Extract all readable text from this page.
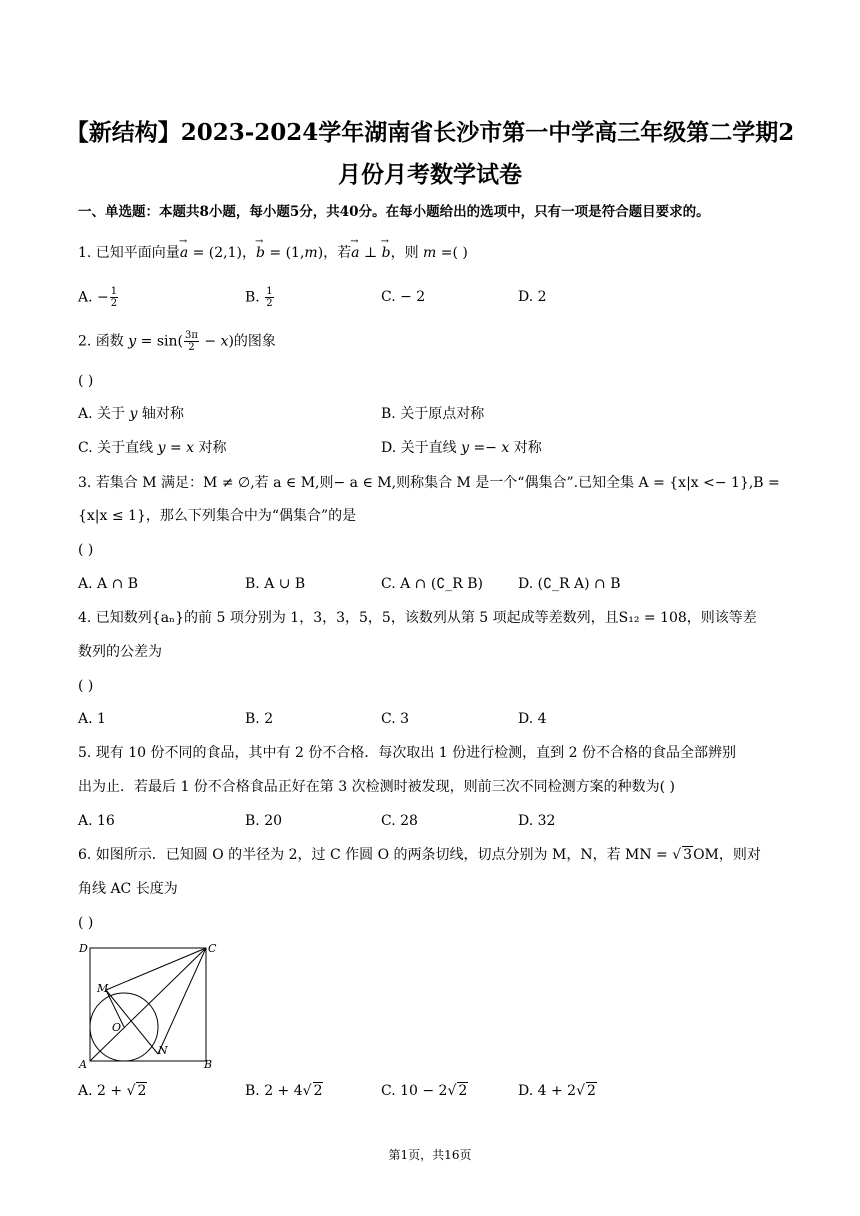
【新结构】2023-2024学年湖南省长沙市第一中学高三年级第二学期2
月份月考数学试卷
一、单选题：本题共8小题，每小题5分，共40分。在每小题给出的选项中，只有一项是符合题目要求的。
1. 已知平面向量→ a = (2,1)，→ b = (1,m)，若→ a ⊥ → b，则 m =( )
A. − $\frac{1}{2}$	B. $\frac{1}{2}$	C. − 2	D. 2
2. 函数 $y = \sin( \frac{3\pi}{2} - x)$的图象
( )
A. 关于 y 轴对称	B. 关于原点对称
C. 关于直线 y = x 对称	D. 关于直线 y =− x 对称
3. 若集合 M 满足：M ≠ ∅,若 a ∈ M,则− a ∈ M,则称集合 M 是一个“偶集合”.已知全集 A = {x|x <− 1},B =
{x|x ≤ 1}，那么下列集合中为“偶集合”的是
( )
A. A ∩ B	B. A ∪ B	C. A ∩ (∁_R B)	D. (∁_R A) ∩ B
4. 已知数列{aₙ}的前 5 项分别为 1，3，3，5，5，该数列从第 5 项起成等差数列，且S₁₂ = 108，则该等差
数列的公差为
( )
A. 1	B. 2	C. 3	D. 4
5. 现有 10 份不同的食品，其中有 2 份不合格．每次取出 1 份进行检测，直到 2 份不合格的食品全部辨别
出为止．若最后 1 份不合格食品正好在第 3 次检测时被发现，则前三次不同检测方案的种数为( )
A. 16	B. 20	C. 28	D. 32
6. 如图所示．已知圆 O 的半径为 2，过 C 作圆 O 的两条切线，切点分别为 M，N，若 MN = √ 3OM，则对
角线 AC 长度为
( )
D	C
M
O
A
N
B
A. 2 + √ 2	B. 2 + 4√ 2	C. 10 − 2√ 2	D. 4 + 2√ 2
第1页，共16页
